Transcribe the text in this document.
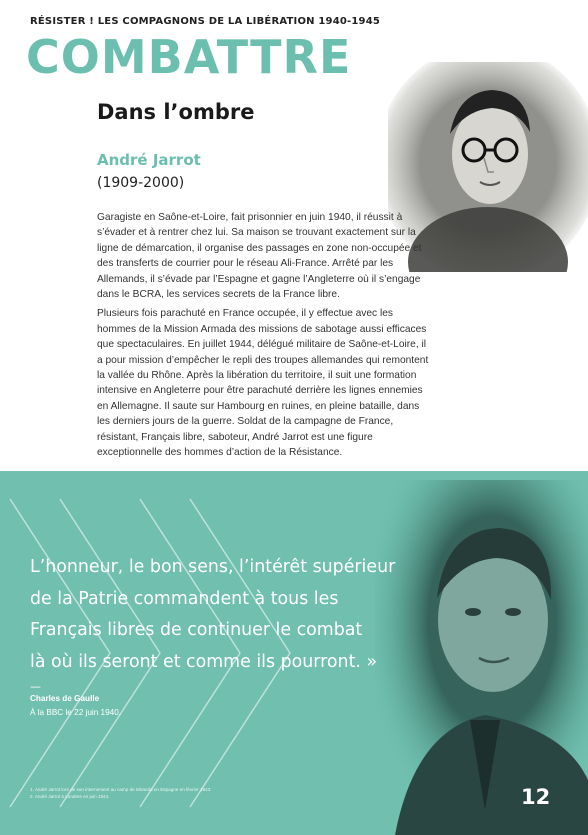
RÉSISTER ! LES COMPAGNONS DE LA LIBÉRATION 1940-1945
COMBATTRE
Dans l’ombre
André Jarrot
(1909-2000)

Garagiste en Saône-et-Loire, fait prisonnier en juin 1940, il réussit à s’évader et à rentrer chez lui. Sa maison se trouvant exactement sur la ligne de démarcation, il organise des passages en zone non-occupée et des transferts de courrier pour le réseau Ali-France. Arrêté par les Allemands, il s’évade par l’Espagne et gagne l’Angleterre où il s’engage dans le BCRA, les services secrets de la France libre.

Plusieurs fois parachuté en France occupée, il y effectue avec les hommes de la Mission Armada des missions de sabotage aussi efficaces que spectaculaires. En juillet 1944, délégué militaire de Saône-et-Loire, il a pour mission d’empêcher le repli des troupes allemandes qui remontent la vallée du Rhône. Après la libération du territoire, il suit une formation intensive en Angleterre pour être parachuté derrière les lignes ennemies en Allemagne. Il saute sur Hambourg en ruines, en pleine bataille, dans les derniers jours de la guerre. Soldat de la campagne de France, résistant, Français libre, saboteur, André Jarrot est une figure exceptionnelle des hommes d’action de la Résistance.

L’honneur, le bon sens, l’intérêt supérieur
de la Patrie commandent à tous les
Français libres de continuer le combat
là où ils seront et comme ils pourront. »
—
Charles de Gaulle
À la BBC le 22 juin 1940.
1. André Jarrot lors de son internement au camp de Miranda en Espagne en février 1943.
2. André Jarrot à Londres en juin 1944.	12
